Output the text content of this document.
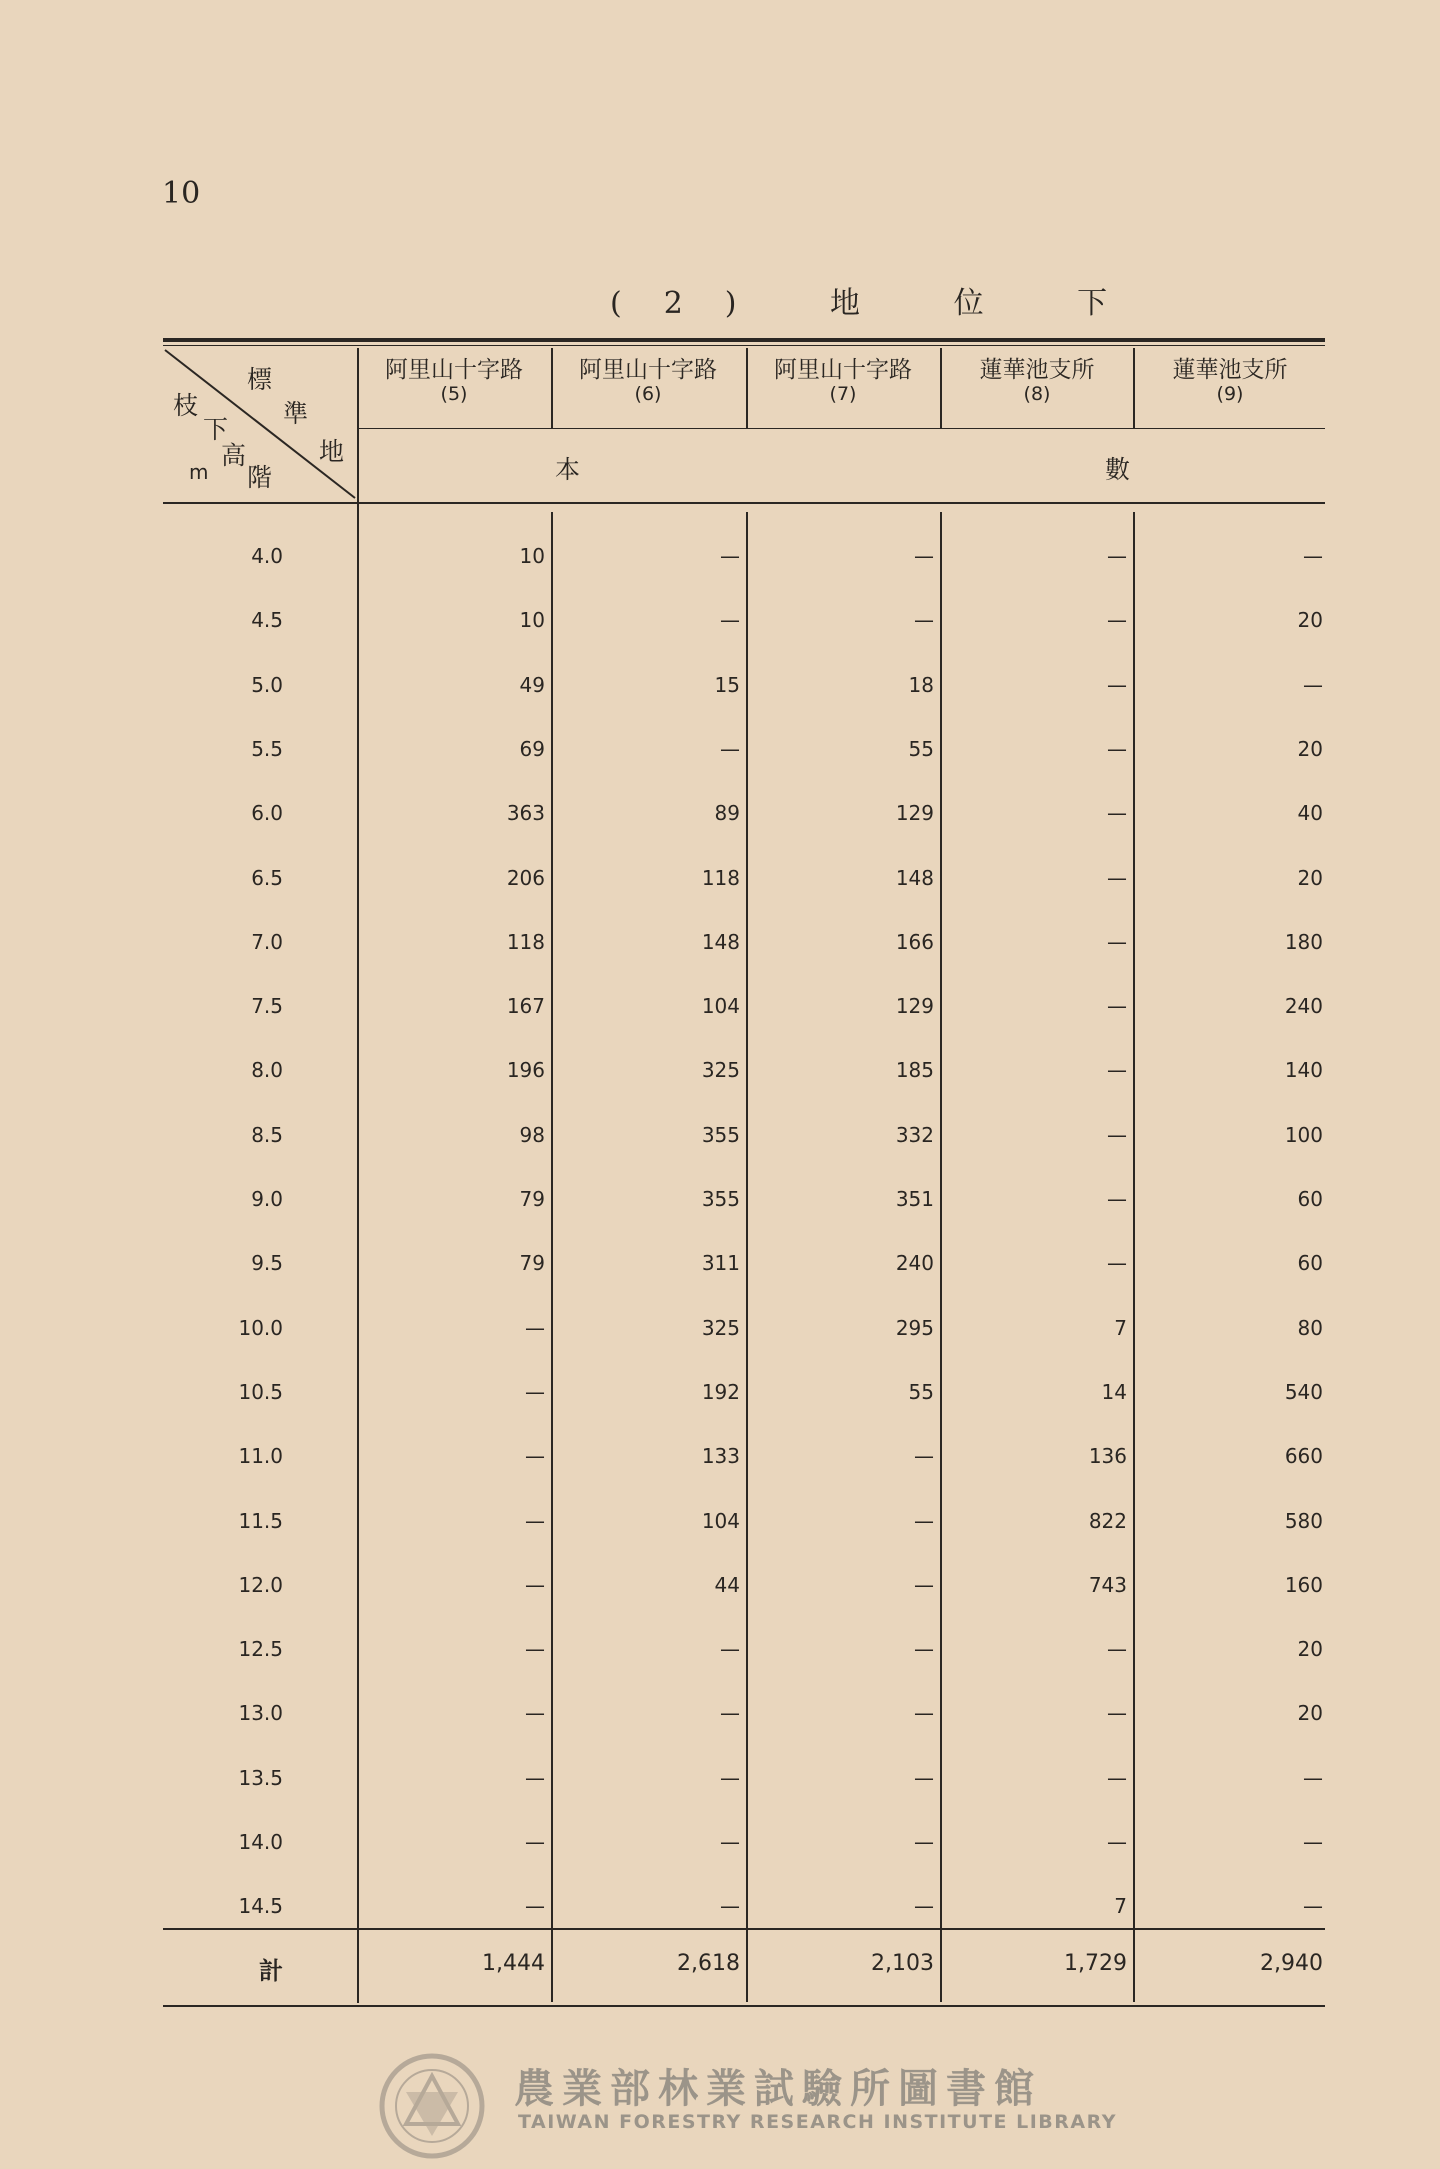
10
(2) 地 位 下
標
準
地
枝
下
高
階
m
阿里山十字路
(5)
阿里山十字路
(6)
阿里山十字路
(7)
蓮華池支所
(8)
蓮華池支所
(9)
本	數
4.0	10	—	—	—	—
4.5	10	—	—	—	20
5.0	49	15	18	—	—
5.5	69	—	55	—	20
6.0	363	89	129	—	40
6.5	206	118	148	—	20
7.0	118	148	166	—	180
7.5	167	104	129	—	240
8.0	196	325	185	—	140
8.5	98	355	332	—	100
9.0	79	355	351	—	60
9.5	79	311	240	—	60
10.0	—	325	295	7	80
10.5	—	192	55	14	540
11.0	—	133	—	136	660
11.5	—	104	—	822	580
12.0	—	44	—	743	160
12.5	—	—	—	—	20
13.0	—	—	—	—	20
13.5	—	—	—	—	—
14.0	—	—	—	—	—
14.5	—	—	—	7	—
計	1,444	2,618	2,103	1,729	2,940
農業部林業試驗所圖書館
TAIWAN FORESTRY RESEARCH INSTITUTE LIBRARY
